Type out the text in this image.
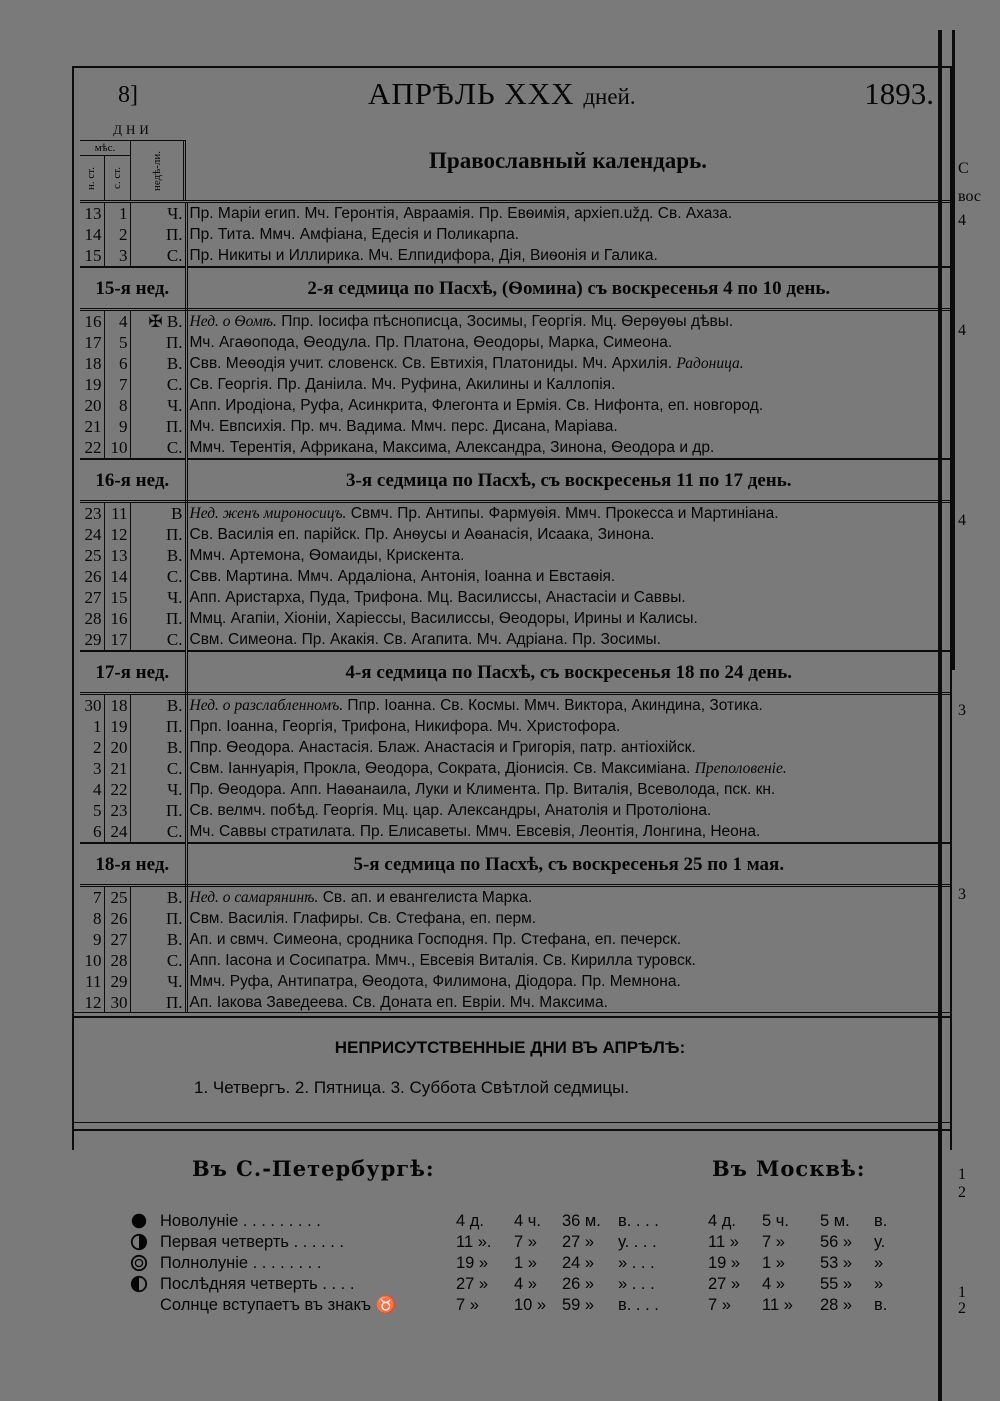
8]	АПРѢЛЬ XXX дней.	1893.
ДНИ
мѣс.
н. ст. с. ст. недѣ-ли.			Православный календарь.
13	1	Ч.	Пр. Маріи егип. Мч. Геронтія, Авраамія. Пр. Евѳимія, архіеп.užд. Св. Ахаза.
14	2	П.	Пр. Тита. Ммч. Амфіана, Едесія и Поликарпа.
15	3	С.	Пр. Никиты и Иллирика. Мч. Елпидифора, Дія, Виѳонія и Галика.
15-я нед.			2-я седмица по Пасхѣ, (Ѳомина) съ воскресенья 4 по 10 день.
16	4	✠ В.	Нед. о Ѳомѣ. Ппр. Іосифа пѣснописца, Зосимы, Георгія. Мц. Ѳерѳуѳы дѣвы.
17	5	П.	Мч. Агаѳопода, Ѳеодула. Пр. Платона, Ѳеодоры, Марка, Симеона.
18	6	В.	Свв. Меѳодія учит. словенск. Св. Евтихія, Платониды. Мч. Архилія. Радоница.
19	7	С.	Св. Георгія. Пр. Даніила. Мч. Руфина, Акилины и Каллопія.
20	8	Ч.	Апп. Иродіона, Руфа, Асинкрита, Флегонта и Ермія. Св. Нифонта, еп. новгород.
21	9	П.	Мч. Евпсихія. Пр. мч. Вадима. Ммч. перс. Дисана, Маріава.
22	10	С.	Ммч. Терентія, Африкана, Максима, Александра, Зинона, Ѳеодора и др.
16-я нед.			3-я седмица по Пасхѣ, съ воскресенья 11 по 17 день.
23	11	В	Нед. женъ мироносицъ. Свмч. Пр. Антипы. Фармуѳія. Ммч. Прокесса и Мартиніана.
24	12	П.	Св. Василія еп. парійск. Пр. Анѳусы и Аѳанасія, Исаака, Зинона.
25	13	В.	Ммч. Артемона, Ѳомаиды, Крискента.
26	14	С.	Свв. Мартина. Ммч. Ардаліона, Антонія, Іоанна и Евстаѳія.
27	15	Ч.	Апп. Аристарха, Пуда, Трифона. Мц. Василиссы, Анастасіи и Саввы.
28	16	П.	Ммц. Агапіи, Хіоніи, Харіессы, Василиссы, Ѳеодоры, Ирины и Калисы.
29	17	С.	Свм. Симеона. Пр. Акакія. Св. Агапита. Мч. Адріана. Пр. Зосимы.
17-я нед.			4-я седмица по Пасхѣ, съ воскресенья 18 по 24 день.
30	18	В.	Нед. о разслабленномъ. Ппр. Іоанна. Св. Космы. Ммч. Виктора, Акиндина, Зотика.
1	19	П.	Прп. Іоанна, Георгія, Трифона, Никифора. Мч. Христофора.
2	20	В.	Ппр. Ѳеодора. Анастасія. Блаж. Анастасія и Григорія, патр. антіохійск.
3	21	С.	Свм. Іаннуарія, Прокла, Ѳеодора, Сократа, Діонисія. Св. Максиміана. Преполовеніе.
4	22	Ч.	Пр. Ѳеодора. Апп. Наѳанаила, Луки и Климента. Пр. Виталія, Всеволода, пск. кн.
5	23	П.	Св. велмч. побѣд. Георгія. Мц. цар. Александры, Анатолія и Протоліона.
6	24	С.	Мч. Саввы стратилата. Пр. Елисаветы. Ммч. Евсевія, Леонтія, Лонгина, Неона.
18-я нед.			5-я седмица по Пасхѣ, съ воскресенья 25 по 1 мая.
7	25	В.	Нед. о самарянинѣ. Св. ап. и евангелиста Марка.
8	26	П.	Свм. Василія. Глафиры. Св. Стефана, еп. перм.
9	27	В.	Ап. и свмч. Симеона, сродника Господня. Пр. Стефана, еп. печерск.
10	28	С.	Апп. Іасона и Сосипатра. Ммч., Евсевія Виталія. Св. Кирилла туровск.
11	29	Ч.	Ммч. Руфа, Антипатра, Ѳеодота, Филимона, Діодора. Пр. Мемнона.
12	30	П.	Ап. Іакова Заведеева. Св. Доната еп. Евріи. Мч. Максима.
НЕПРИСУТСТВЕННЫЕ ДНИ ВЪ АПРѢЛѢ:
1. Четвергъ. 2. Пятница. 3. Суббота Свѣтлой седмицы.
Въ С.-Петербургѣ:	Въ Москвѣ:
Новолуніе . . . . . . . . .	4 д. 4 ч. 36 м. в. . . .	4 д. 5 ч. 5 м. в.
Первая четверть . . . . . .	11 ». 7 » 27 » у. . . .	11 » 7 » 56 » у.
Полнолуніе . . . . . . . .	19 » 1 » 24 » » . . .	19 » 1 » 53 » »
Послѣдняя четверть . . . .	27 » 4 » 26 » » . . .	27 » 4 » 55 » »
Солнце вступаетъ въ знакъ ♉	7 » 10 » 59 » в. . . .	7 » 11 » 28 » в.
С
вос
4
4
4
3
3
1
2
1
2
